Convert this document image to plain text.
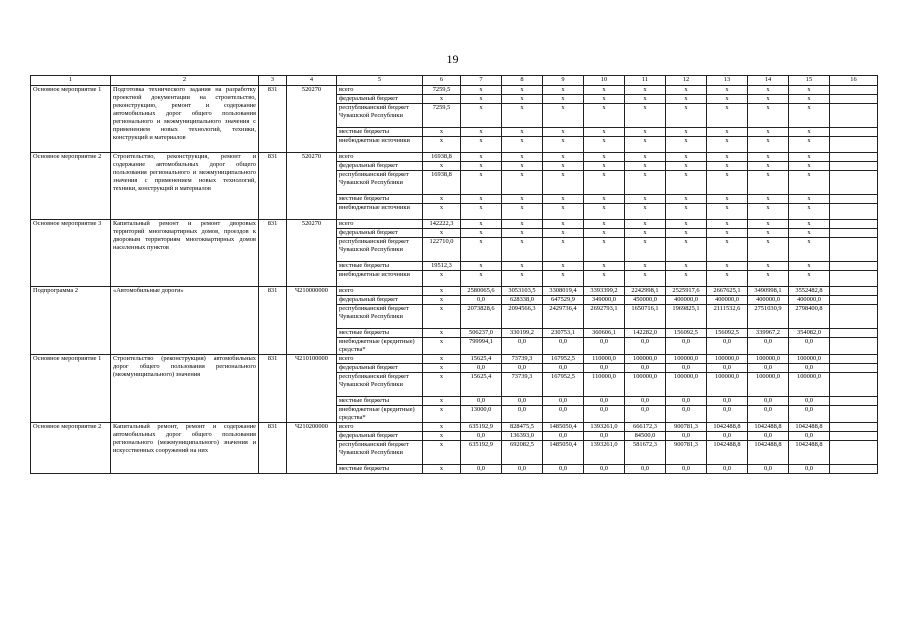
19
1	2	3	4	5	6	7	8	9	10	11	12	13	14	15	16
Основное мероприятие 1	Подготовка технического задания на разработку проектной документации на строительство, реконструкцию, ремонт и содержание автомобильных дорог общего пользования регионального и межмуниципального значения с применением новых технологий, техники, конструкций и материалов	831	520270	всего	7259,5	x	x	x	x	x	x	x	x	x	
				федеральный бюджет	x	x	x	x	x	x	x	x	x	x	
				республиканский бюджет Чувашской Республики	7259,5	x	x	x	x	x	x	x	x	x	
				местные бюджеты	x	x	x	x	x	x	x	x	x	x	
				внебюджетные источники	x	x	x	x	x	x	x	x	x	x	
Основное мероприятие 2	Строительство, реконструкция, ремонт и содержание автомобильных дорог общего пользования регионального и межмуниципального значения с применением новых технологий, техники, конструкций и материалов	831	520270	всего	16938,8	x	x	x	x	x	x	x	x	x	
				федеральный бюджет	x	x	x	x	x	x	x	x	x	x	
				республиканский бюджет Чувашской Республики	16938,8	x	x	x	x	x	x	x	x	x	
				местные бюджеты	x	x	x	x	x	x	x	x	x	x	
				внебюджетные источники	x	x	x	x	x	x	x	x	x	x	
Основное мероприятие 3	Капитальный ремонт и ремонт дворовых территорий многоквартирных домов, проездов к дворовым территориям многоквартирных домов населенных пунктов	831	520270	всего	142222,3	x	x	x	x	x	x	x	x	x	
				федеральный бюджет	x	x	x	x	x	x	x	x	x	x	
				республиканский бюджет Чувашской Республики	122710,0	x	x	x	x	x	x	x	x	x	
				местные бюджеты	19512,3	x	x	x	x	x	x	x	x	x	
				внебюджетные источники	x	x	x	x	x	x	x	x	x	x	
Подпрограмма 2	«Автомобильные дороги»	831	Ч210000000	всего	x	2580065,6	3053103,5	3308019,4	3393399,2	2242998,1	2525917,6	2667625,1	3490998,1	3552482,8	
				федеральный бюджет	x	0,0	628338,0	647529,9	349000,0	450000,0	400000,0	400000,0	400000,0	400000,0	
				республиканский бюджет Чувашской Республики	x	2073828,6	2094566,3	2429736,4	2692793,1	1650716,1	1969825,1	2111532,6	2751030,9	2798400,8	
				местные бюджеты	x	506237,0	330199,2	230753,1	360606,1	142282,0	156092,5	156092,5	339967,2	354082,0	
				внебюджетные (кредитные) средства*	x	799994,1	0,0	0,0	0,0	0,0	0,0	0,0	0,0	0,0	
Основное мероприятие 1	Строительство (реконструкция) автомобильных дорог общего пользования регионального (межмуниципального) значения	831	Ч210100000	всего	x	15625,4	73739,3	167952,5	110000,0	100000,0	100000,0	100000,0	100000,0	100000,0	
				федеральный бюджет	x	0,0	0,0	0,0	0,0	0,0	0,0	0,0	0,0	0,0	
				республиканский бюджет Чувашской Республики	x	15625,4	73739,3	167952,5	110000,0	100000,0	100000,0	100000,0	100000,0	100000,0	
				местные бюджеты	x	0,0	0,0	0,0	0,0	0,0	0,0	0,0	0,0	0,0	
				внебюджетные (кредитные) средства*	x	13000,0	0,0	0,0	0,0	0,0	0,0	0,0	0,0	0,0	
Основное мероприятие 2	Капитальный ремонт, ремонт и содержание автомобильных дорог общего пользования регионального (межмуниципального) значения и искусственных сооружений на них	831	Ч210200000	всего	x	635192,9	828475,5	1485050,4	1393261,0	666172,3	900781,3	1042488,8	1042488,8	1042488,8	
				федеральный бюджет	x	0,0	136393,0	0,0	0,0	84500,0	0,0	0,0	0,0	0,0	
				республиканский бюджет Чувашской Республики	x	635192,9	692082,5	1485050,4	1393261,0	581672,3	900781,3	1042488,8	1042488,8	1042488,8	
				местные бюджеты	x	0,0	0,0	0,0	0,0	0,0	0,0	0,0	0,0	0,0	
